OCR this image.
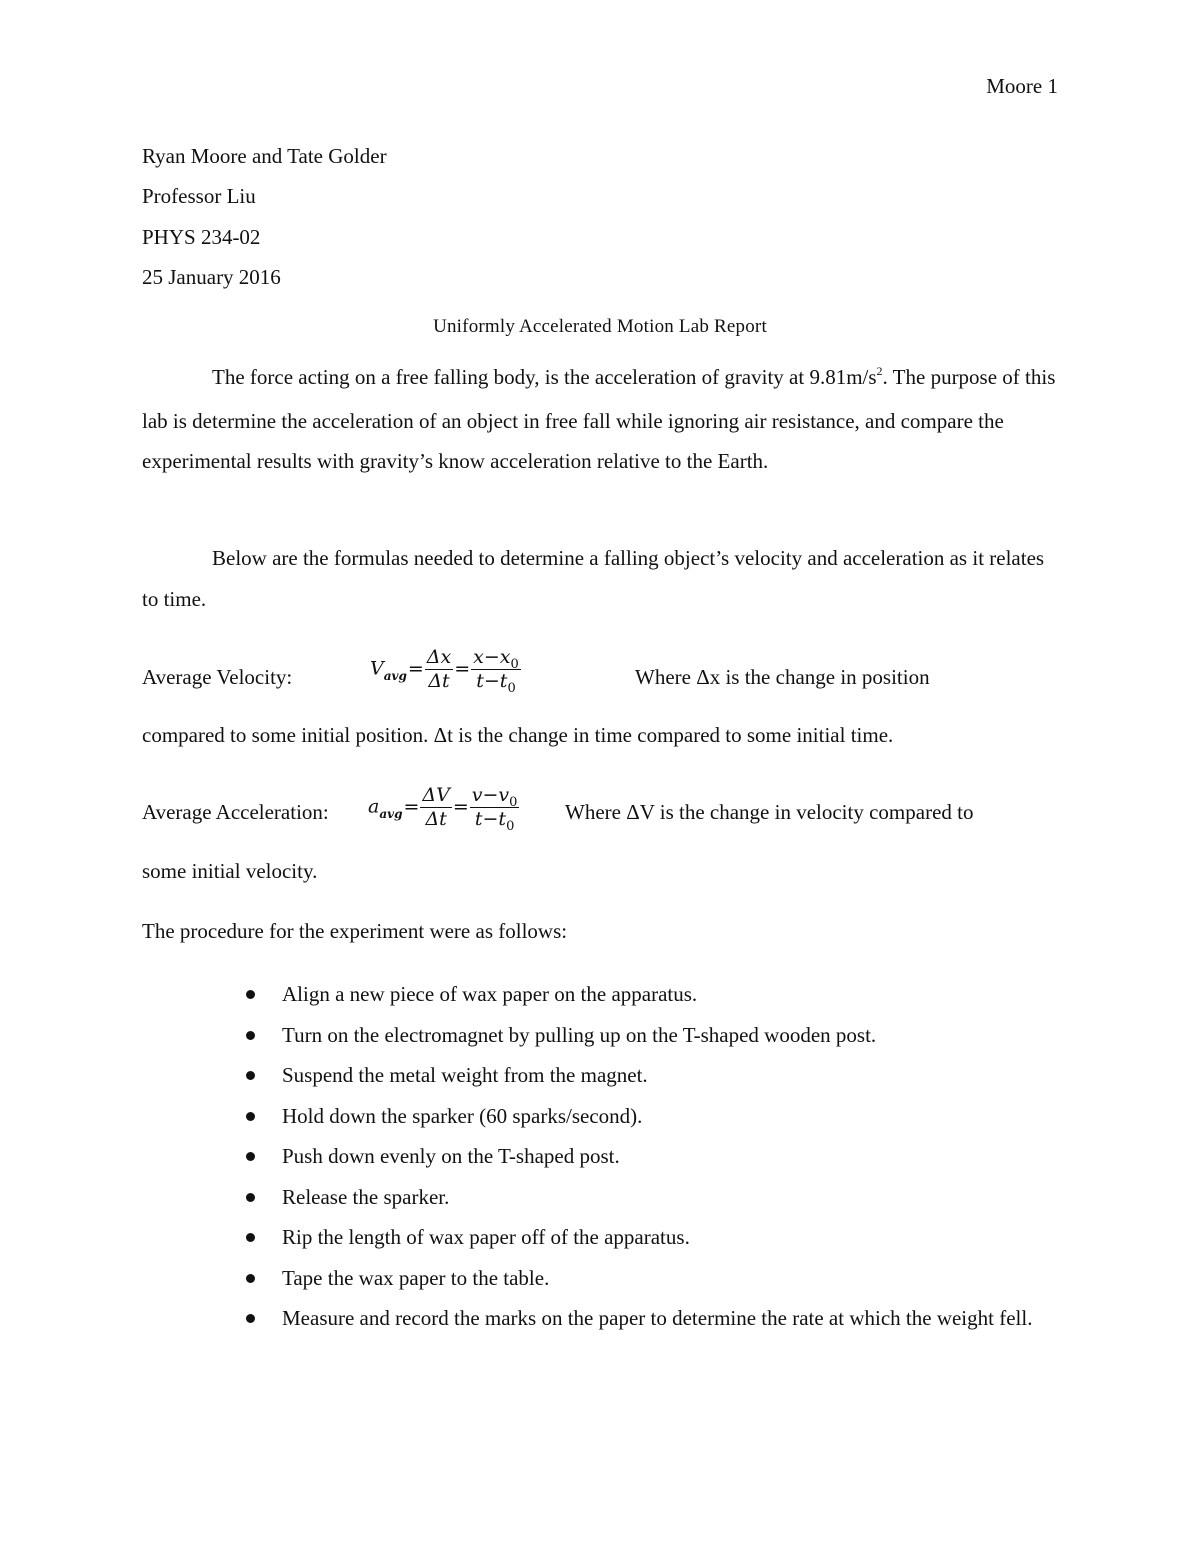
Moore 1
Ryan Moore and Tate Golder
Professor Liu
PHYS 234-02
25 January 2016
Uniformly Accelerated Motion Lab Report
The force acting on a free falling body, is the acceleration of gravity at $9.81m/s^2$. The purpose of this lab is determine the acceleration of an object in free fall while ignoring air resistance, and compare the experimental results with gravity’s know acceleration relative to the Earth.
Below are the formulas needed to determine a falling object’s velocity and acceleration as it relates to time.
Average Velocity:	$V_{avg}= \frac{\Delta x}{\Delta t} = \frac{x-x_0}{t-t_0}$	Where Δx is the change in position
compared to some initial position. Δt is the change in time compared to some initial time.
Average Acceleration: $a_{avg}= \frac{\Delta V}{\Delta t} = \frac{v-v_0}{t-t_0}$ Where ΔV is the change in velocity compared to
some initial velocity.
The procedure for the experiment were as follows:
Align a new piece of wax paper on the apparatus.
Turn on the electromagnet by pulling up on the T-shaped wooden post.
Suspend the metal weight from the magnet.
Hold down the sparker (60 sparks/second).
Push down evenly on the T-shaped post.
Release the sparker.
Rip the length of wax paper off of the apparatus.
Tape the wax paper to the table.
Measure and record the marks on the paper to determine the rate at which the weight fell.
